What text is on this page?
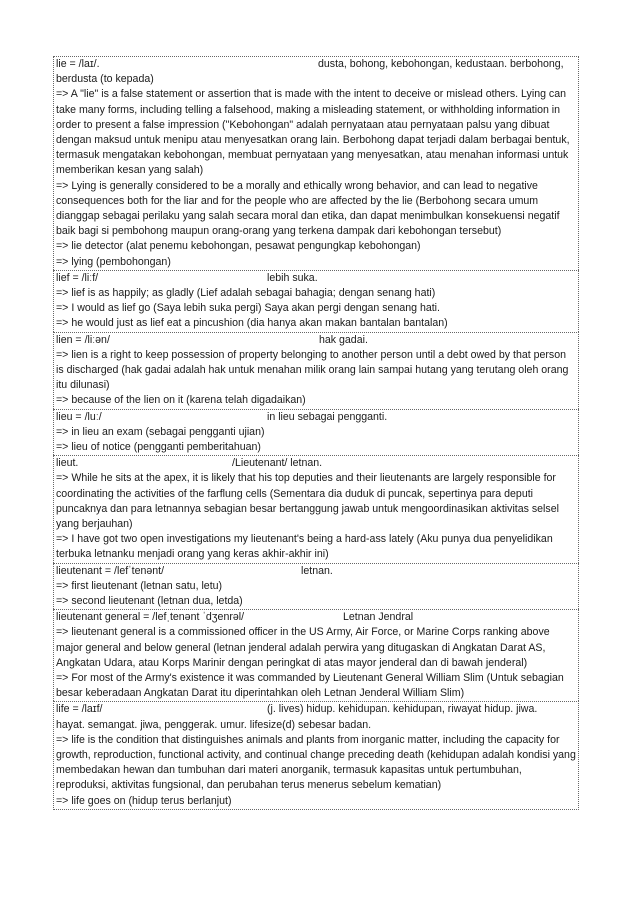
lie = /laɪ/.	dusta, bohong, kebohongan, kedustaan. berbohong,
berdusta (to kepada)
=> A "lie" is a false statement or assertion that is made with the intent to deceive or mislead others. Lying can take many forms, including telling a falsehood, making a misleading statement, or withholding information in order to present a false impression ("Kebohongan" adalah pernyataan atau pernyataan palsu yang dibuat dengan maksud untuk menipu atau menyesatkan orang lain. Berbohong dapat terjadi dalam berbagai bentuk, termasuk mengatakan kebohongan, membuat pernyataan yang menyesatkan, atau menahan informasi untuk memberikan kesan yang salah)
=> Lying is generally considered to be a morally and ethically wrong behavior, and can lead to negative consequences both for the liar and for the people who are affected by the lie (Berbohong secara umum dianggap sebagai perilaku yang salah secara moral dan etika, dan dapat menimbulkan konsekuensi negatif baik bagi si pembohong maupun orang-orang yang terkena dampak dari kebohongan tersebut)
=> lie detector (alat penemu kebohongan, pesawat pengungkap kebohongan)
=> lying (pembohongan)
lief = /liːf/	lebih suka.
=> lief is as happily; as gladly (Lief adalah sebagai bahagia; dengan senang hati)
=> I would as lief go (Saya lebih suka pergi) Saya akan pergi dengan senang hati.
=> he would just as lief eat a pincushion (dia hanya akan makan bantalan bantalan)
lien = /liːən/	hak gadai.
=> lien is a right to keep possession of property belonging to another person until a debt owed by that person is discharged (hak gadai adalah hak untuk menahan milik orang lain sampai hutang yang terutang oleh orang itu dilunasi)
=> because of the lien on it (karena telah digadaikan)
lieu = /luː/	in lieu sebagai pengganti.
=> in lieu an exam (sebagai pengganti ujian)
=> lieu of notice (pengganti pemberitahuan)
lieut.	/Lieutenant/ letnan.
=> While he sits at the apex, it is likely that his top deputies and their lieutenants are largely responsible for coordinating the activities of the farflung cells (Sementara dia duduk di puncak, sepertinya para deputi puncaknya dan para letnannya sebagian besar bertanggung jawab untuk mengoordinasikan aktivitas selsel yang berjauhan)
=> I have got two open investigations my lieutenant's being a hard-ass lately (Aku punya dua penyelidikan terbuka letnanku menjadi orang yang keras akhir-akhir ini)
lieutenant = /lefˈtenənt/	letnan.
=> first lieutenant (letnan satu, letu)
=> second lieutenant (letnan dua, letda)
lieutenant general = /lefˌtenənt ˈdʒenrəl/	Letnan Jendral
=> lieutenant general is a commissioned officer in the US Army, Air Force, or Marine Corps ranking above major general and below general (letnan jenderal adalah perwira yang ditugaskan di Angkatan Darat AS, Angkatan Udara, atau Korps Marinir dengan peringkat di atas mayor jenderal dan di bawah jenderal)
=> For most of the Army's existence it was commanded by Lieutenant General William Slim (Untuk sebagian besar keberadaan Angkatan Darat itu diperintahkan oleh Letnan Jenderal William Slim)
life = /laɪf/	(j. lives) hidup. kehidupan. kehidupan, riwayat hidup. jiwa.
hayat. semangat. jiwa, penggerak. umur. lifesize(d) sebesar badan.
=> life is the condition that distinguishes animals and plants from inorganic matter, including the capacity for growth, reproduction, functional activity, and continual change preceding death (kehidupan adalah kondisi yang membedakan hewan dan tumbuhan dari materi anorganik, termasuk kapasitas untuk pertumbuhan, reproduksi, aktivitas fungsional, dan perubahan terus menerus sebelum kematian)
=> life goes on (hidup terus berlanjut)
